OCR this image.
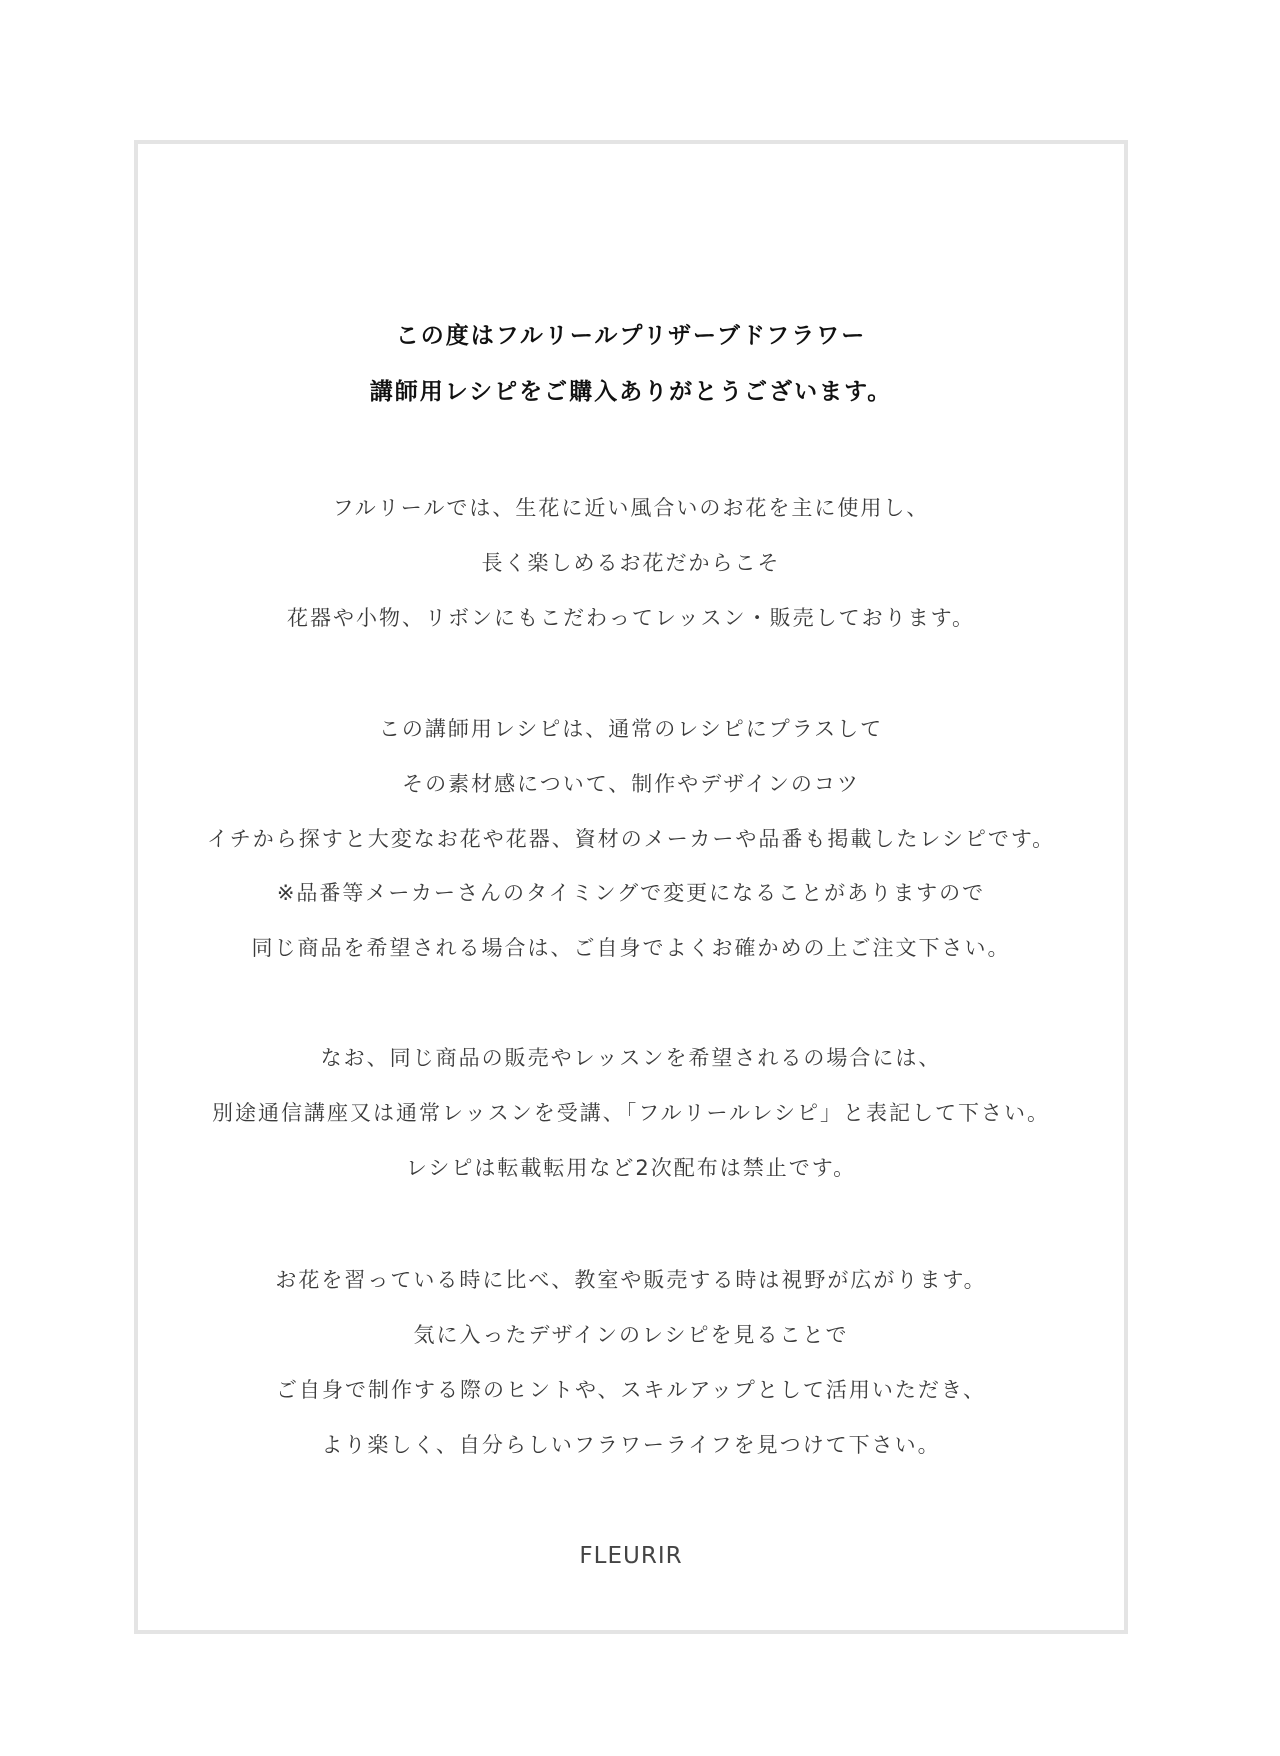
この度はフルリールプリザーブドフラワー
講師用レシピをご購入ありがとうございます。
フルリールでは、生花に近い風合いのお花を主に使用し、
長く楽しめるお花だからこそ
花器や小物、リボンにもこだわってレッスン・販売しております。
この講師用レシピは、通常のレシピにプラスして
その素材感について、制作やデザインのコツ
イチから探すと大変なお花や花器、資材のメーカーや品番も掲載したレシピです。
※品番等メーカーさんのタイミングで変更になることがありますので
同じ商品を希望される場合は、ご自身でよくお確かめの上ご注文下さい。
なお、同じ商品の販売やレッスンを希望されるの場合には、
別途通信講座又は通常レッスンを受講、「フルリールレシピ」と表記して下さい。
レシピは転載転用など2次配布は禁止です。
お花を習っている時に比べ、教室や販売する時は視野が広がります。
気に入ったデザインのレシピを見ることで
ご自身で制作する際のヒントや、スキルアップとして活用いただき、
より楽しく、自分らしいフラワーライフを見つけて下さい。
FLEURIR
